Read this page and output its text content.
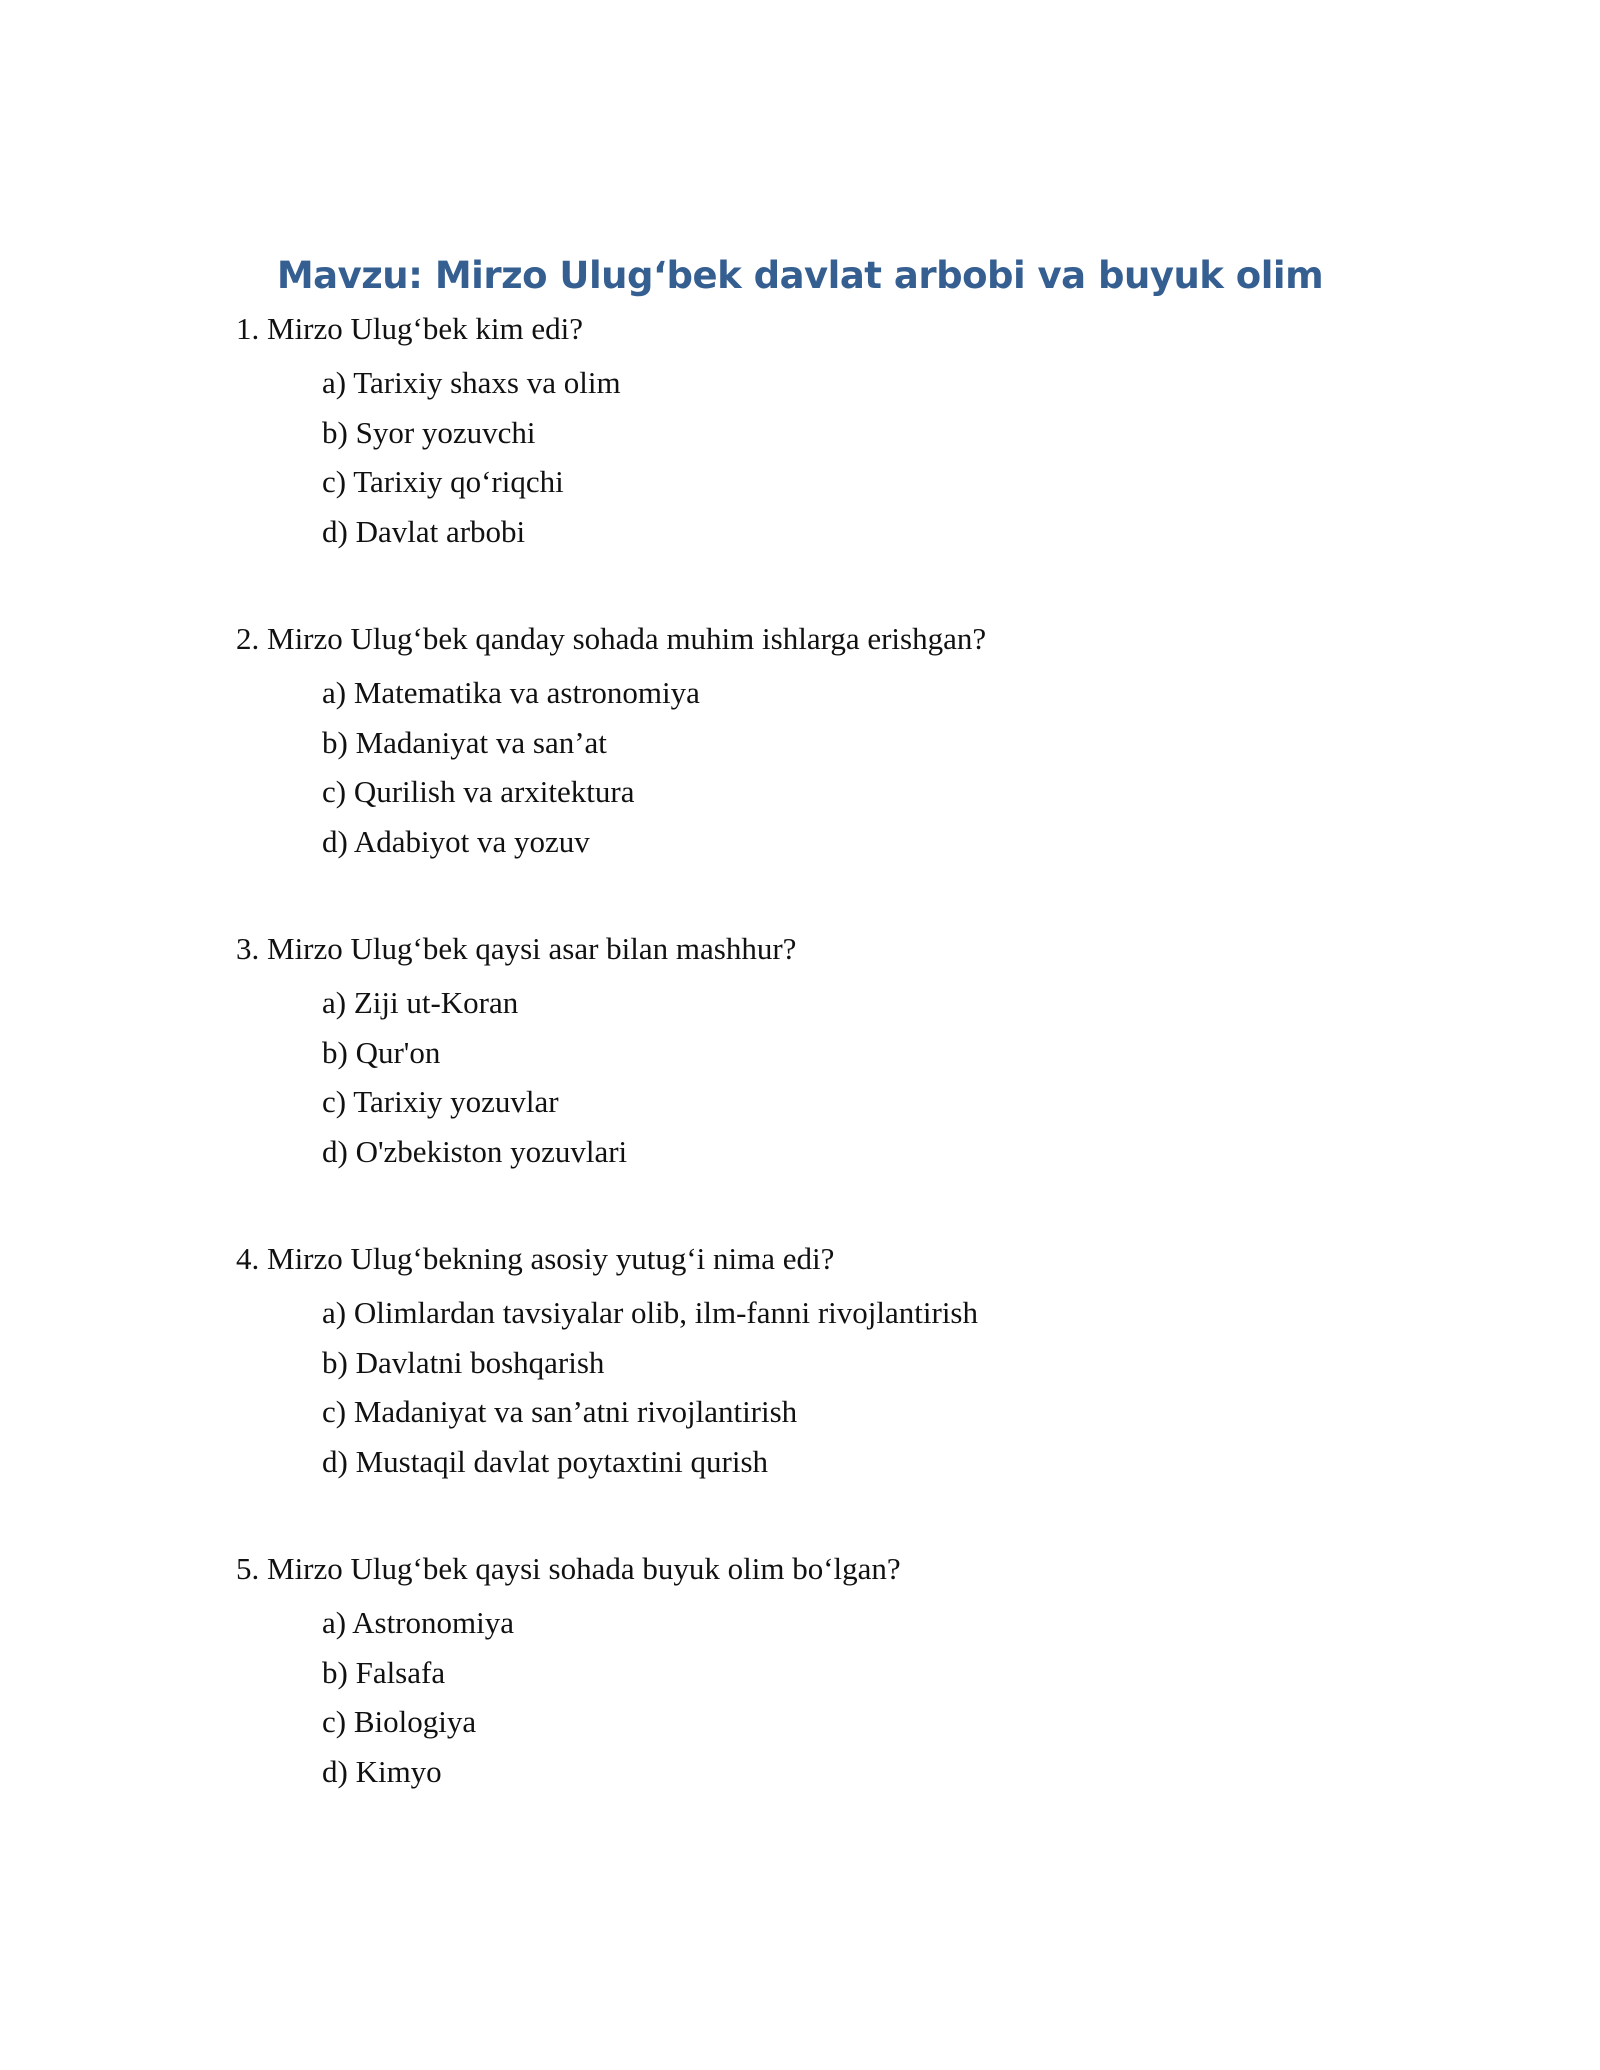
Mavzu: Mirzo Ulug‘bek davlat arbobi va buyuk olim

1. Mirzo Ulug‘bek kim edi?

a) Tarixiy shaxs va olim
b) Syor yozuvchi
c) Tarixiy qo‘riqchi
d) Davlat arbobi

2. Mirzo Ulug‘bek qanday sohada muhim ishlarga erishgan?

a) Matematika va astronomiya
b) Madaniyat va san’at
c) Qurilish va arxitektura
d) Adabiyot va yozuv

3. Mirzo Ulug‘bek qaysi asar bilan mashhur?

a) Ziji ut-Koran
b) Qur'on
c) Tarixiy yozuvlar
d) O'zbekiston yozuvlari

4. Mirzo Ulug‘bekning asosiy yutug‘i nima edi?

a) Olimlardan tavsiyalar olib, ilm-fanni rivojlantirish
b) Davlatni boshqarish
c) Madaniyat va san’atni rivojlantirish
d) Mustaqil davlat poytaxtini qurish

5. Mirzo Ulug‘bek qaysi sohada buyuk olim bo‘lgan?

a) Astronomiya
b) Falsafa
c) Biologiya
d) Kimyo
